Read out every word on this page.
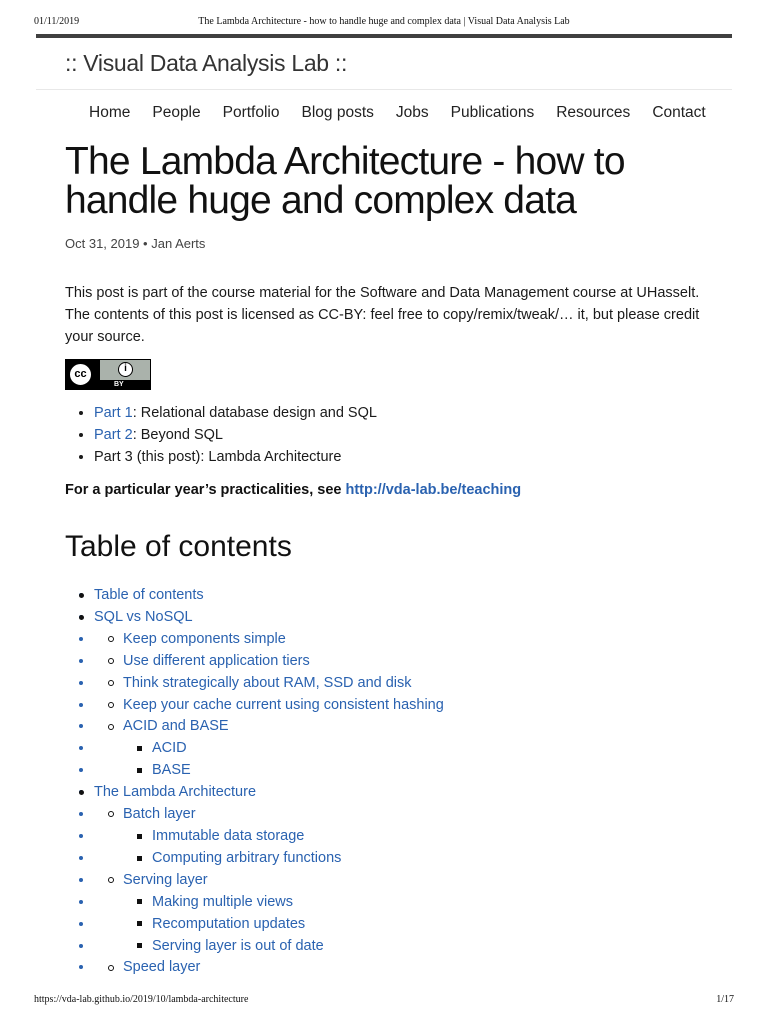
01/11/2019	The Lambda Architecture - how to handle huge and complex data | Visual Data Analysis Lab
:: Visual Data Analysis Lab ::
Home People Portfolio Blog posts Jobs Publications Resources Contact
The Lambda Architecture - how to handle huge and complex data
Oct 31, 2019 • Jan Aerts

This post is part of the course material for the Software and Data Management course at UHasselt. The contents of this post is licensed as CC-BY: feel free to copy/remix/tweak/… it, but please credit your source.

cc	i
BY
• Part 1: Relational database design and SQL
• Part 2: Beyond SQL
• Part 3 (this post): Lambda Architecture

For a particular year’s practicalities, see http://vda-lab.be/teaching

Table of contents
• Table of contents
• SQL vs NoSQL
• Keep components simple
• Use different application tiers
• Think strategically about RAM, SSD and disk
• Keep your cache current using consistent hashing
• ACID and BASE
• ACID
• BASE
• The Lambda Architecture
• Batch layer
• Immutable data storage
• Computing arbitrary functions
• Serving layer
• Making multiple views
• Recomputation updates
• Serving layer is out of date
• Speed layer
https://vda-lab.github.io/2019/10/lambda-architecture	1/17
